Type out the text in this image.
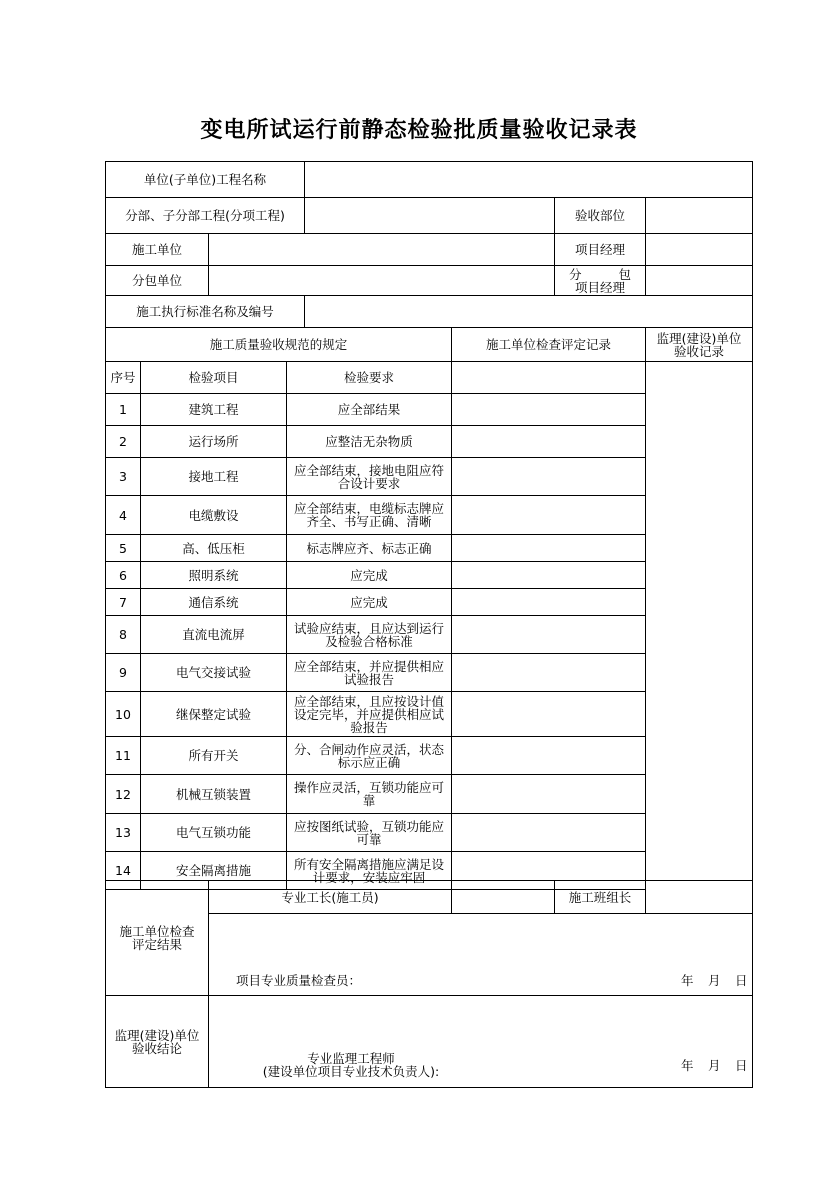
变电所试运行前静态检验批质量验收记录表
单位(子单位)工程名称
分部、子分部工程(分项工程)	验收部位
施工单位	项目经理
分包单位	分	包
项目经理
施工执行标准名称及编号
施工质量验收规范的规定	施工单位检查评定记录	监理(建设)单位
验收记录
序号	检验项目	检验要求
1	建筑工程	应全部结果
2	运行场所	应整洁无杂物质
3	接地工程	应全部结束，接地电阻应符
合设计要求
4	电缆敷设	应全部结束，电缆标志牌应
齐全、书写正确、清晰
5	高、低压柜	标志牌应齐、标志正确
6	照明系统	应完成
7	通信系统	应完成
8	直流电流屏	试验应结束，且应达到运行
及检验合格标准
9	电气交接试验	应全部结束，并应提供相应
试验报告
10	继保整定试验
应全部结束，且应按设计值
设定完毕，并应提供相应试
验报告
11	所有开关	分、合闸动作应灵活，状态
标示应正确
12	机械互锁装置	操作应灵活，互锁功能应可
靠
13	电气互锁功能	应按图纸试验，互锁功能应
可靠
14	安全隔离措施	所有安全隔离措施应满足设
计要求，安装应牢固
施工单位检查
评定结果
专业工长(施工员)	施工班组长
监理(建设)单位
验收结论
项目专业质量检查员：	年 月 日
专业监理工程师
(建设单位项目专业技术负责人):	年 月 日
